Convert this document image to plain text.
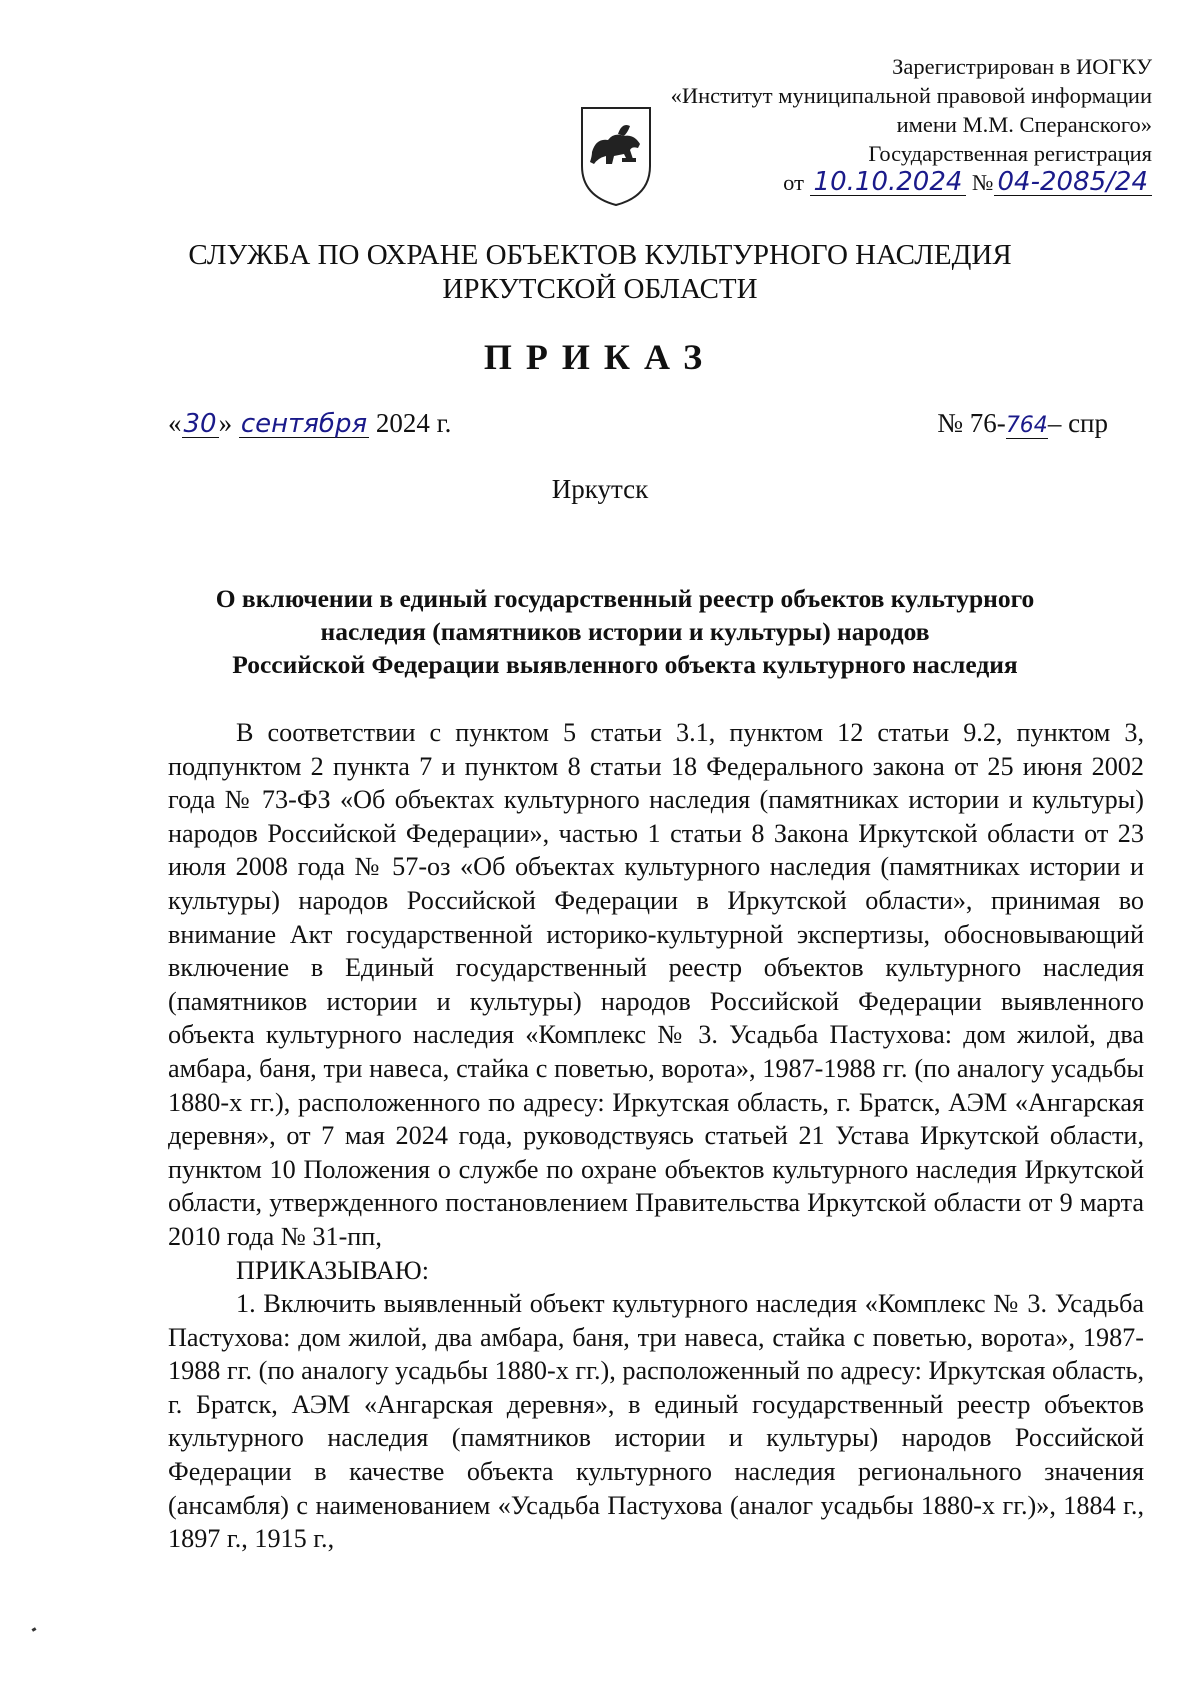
Зарегистрирован в ИОГКУ
«Институт муниципальной правовой информации
имени М.М. Сперанского»
Государственная регистрация
от 10.10.2024 № 04-2085/24
СЛУЖБА ПО ОХРАНЕ ОБЪЕКТОВ КУЛЬТУРНОГО НАСЛЕДИЯ
ИРКУТСКОЙ ОБЛАСТИ
ПРИКАЗ
«30» сентября 2024 г.	№ 76-764– спр
Иркутск
О включении в единый государственный реестр объектов культурного
наследия (памятников истории и культуры) народов
Российской Федерации выявленного объекта культурного наследия

В соответствии с пунктом 5 статьи 3.1, пунктом 12 статьи 9.2, пунктом 3, подпунктом 2 пункта 7 и пунктом 8 статьи 18 Федерального закона от 25 июня 2002 года № 73-ФЗ «Об объектах культурного наследия (памятниках истории и культуры) народов Российской Федерации», частью 1 статьи 8 Закона Иркутской области от 23 июля 2008 года № 57-оз «Об объектах культурного наследия (памятниках истории и культуры) народов Российской Федерации в Иркутской области», принимая во внимание Акт государственной историко-культурной экспертизы, обосновывающий включение в Единый государственный реестр объектов культурного наследия (памятников истории и культуры) народов Российской Федерации выявленного объекта культурного наследия «Комплекс № 3. Усадьба Пастухова: дом жилой, два амбара, баня, три навеса, стайка с поветью, ворота», 1987-1988 гг. (по аналогу усадьбы 1880-х гг.), расположенного по адресу: Иркутская область, г. Братск, АЭМ «Ангарская деревня», от 7 мая 2024 года, руководствуясь статьей 21 Устава Иркутской области, пунктом 10 Положения о службе по охране объектов культурного наследия Иркутской области, утвержденного постановлением Правительства Иркутской области от 9 марта 2010 года № 31-пп,

ПРИКАЗЫВАЮ:

1. Включить выявленный объект культурного наследия «Комплекс № 3. Усадьба Пастухова: дом жилой, два амбара, баня, три навеса, стайка с поветью, ворота», 1987-1988 гг. (по аналогу усадьбы 1880-х гг.), расположенный по адресу: Иркутская область, г. Братск, АЭМ «Ангарская деревня», в единый государственный реестр объектов культурного наследия (памятников истории и культуры) народов Российской Федерации в качестве объекта культурного наследия регионального значения (ансамбля) с наименованием «Усадьба Пастухова (аналог усадьбы 1880-х гг.)», 1884 г., 1897 г., 1915 г.,
